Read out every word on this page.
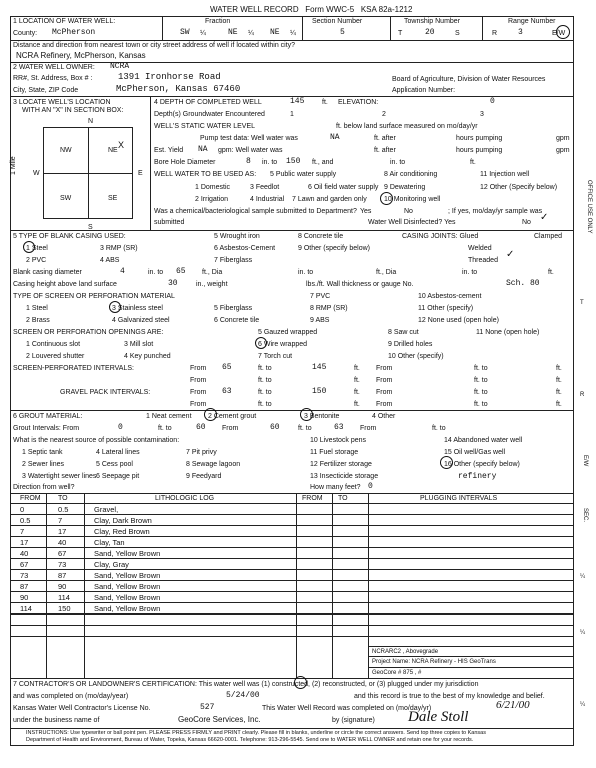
WATER WELL RECORD Form WWC-5 KSA 82a-1212
1 LOCATION OF WATER WELL:
County: McPherson
Fraction
SW ¼	NE ¼ NE ¼
Section Number
5
Township Number
T	20	S
Range Number
R	3	E/W
Distance and direction from nearest town or city street address of well if located within city?
NCRA Refinery, McPherson, Kansas
2 WATER WELL OWNER: NCRA
RR#, St. Address, Box # :	1391 Ironhorse Road
City, State, ZIP Code	McPherson, Kansas 67460
Board of Agriculture, Division of Water Resources
Application Number:
3 LOCATE WELL'S LOCATION
WITH AN "X" IN SECTION BOX:
N
S
W	E
1 Mile
NW	NE
X
SW	SE
4 DEPTH OF COMPLETED WELL	145	ft. ELEVATION:	0
Depth(s) Groundwater Encountered	1	2	3
WELL'S STATIC WATER LEVEL	ft. below land surface measured on mo/day/yr
Pump test data: Well water was	NA	ft. after	hours pumping	gpm
Est. Yield NA gpm: Well water was	ft. after	hours pumping	gpm
Bore Hole Diameter	8 in. to 150 ft., and	in. to	ft.
WELL WATER TO BE USED AS: 5 Public water supply	8 Air conditioning	11 Injection well
1 Domestic	3 Feedlot	6 Oil field water supply 9 Dewatering	12 Other (Specify below)
2 Irrigation	4 Industrial 7 Lawn and garden only 10 Monitoring well
Was a chemical/bacteriological sample submitted to Department? Yes	No	; If yes, mo/day/yr sample was
submitted	Water Well Disinfected? Yes	No ✓
5 TYPE OF BLANK CASING USED:
1 Steel
2 PVC
3 RMP (SR)
4 ABS
5 Wrought iron
6 Asbestos-Cement
7 Fiberglass
8 Concrete tile
9 Other (specify below)
CASING JOINTS: Glued	Clamped
Welded
Threaded
✓
Blank casing diameter	4	in. to 65 ft., Dia	in. to	ft., Dia	in. to	ft.
Casing height above land surface	30	in., weight	lbs./ft. Wall thickness or gauge No.	Sch. 80
TYPE OF SCREEN OR PERFORATION MATERIAL
1 Steel	3 Stainless steel	5 Fiberglass
7 PVC	10 Asbestos-cement
2 Brass	4 Galvanized steel	6 Concrete tile
8 RMP (SR)	11 Other (specify)
9 ABS	12 None used (open hole)
SCREEN OR PERFORATION OPENINGS ARE:	5 Gauzed wrapped	8 Saw cut	11 None (open hole)
1 Continuous slot	3 Mill slot	6 Wire wrapped	9 Drilled holes
2 Louvered shutter	4 Key punched	7 Torch cut	10 Other (specify)
SCREEN-PERFORATED INTERVALS:	From 65	ft. to	145	ft. From	ft. to	ft.
From	ft. to	ft. From	ft. to	ft.
GRAVEL PACK INTERVALS:	From 63	ft. to	150	ft. From	ft. to	ft.
From	ft. to	ft. From	ft. to	ft.
6 GROUT MATERIAL:	1 Neat cement 2 Cement grout	3 Bentonite	4 Other
Grout Intervals: From	0	ft. to	60 From	60	ft. to	63 From	ft. to
What is the nearest source of possible contamination:
1 Septic tank	4 Lateral lines	7 Pit privy
10 Livestock pens	14 Abandoned water well
2 Sewer lines	5 Cess pool	8 Sewage lagoon
11 Fuel storage	15 Oil well/Gas well
3 Watertight sewer lines 6 Seepage pit	9 Feedyard
12 Fertilizer storage	16 Other (specify below)
13 Insecticide storage	refinery
Direction from well?	How many feet? 0
FROM TO	LITHOLOGIC LOG	FROM TO	PLUGGING INTERVALS
0	0.5	Gravel,
0.5	7	Clay, Dark Brown
7	17	Clay, Red Brown
17	40	Clay, Tan
40	67	Sand, Yellow Brown
67	73	Clay, Gray
73	87	Sand, Yellow Brown
87	90	Sand, Yellow Brown
90	114	Sand, Yellow Brown
114	150	Sand, Yellow Brown
NCRARC2 , Abovegrade
Project Name: NCRA Refinery - HIS GeoTrans
GeoCore # 875 , #
7 CONTRACTOR'S OR LANDOWNER'S CERTIFICATION: This water well was (1) constructed, (2) reconstructed, or (3) plugged under my jurisdiction
and was completed on (mo/day/year)	5/24/00	and this record is true to the best of my knowledge and belief.
Kansas Water Well Contractor's License No.	527	This Water Well Record was completed on (mo/day/yr)	6/21/00
under the business name of	GeoCore Services, Inc.	by (signature) Dale Stoll
INSTRUCTIONS: Use typewriter or ball point pen. PLEASE PRESS FIRMLY and PRINT clearly. Please fill in blanks, underline or circle the correct answers. Send top three copies to Kansas
Department of Health and Environment, Bureau of Water, Topeka, Kansas 66620-0001. Telephone: 913-296-5545. Send one to WATER WELL OWNER and retain one for your records.
OFFICE USE ONLY
T
R
E/W
SEC.
¼
¼
¼
